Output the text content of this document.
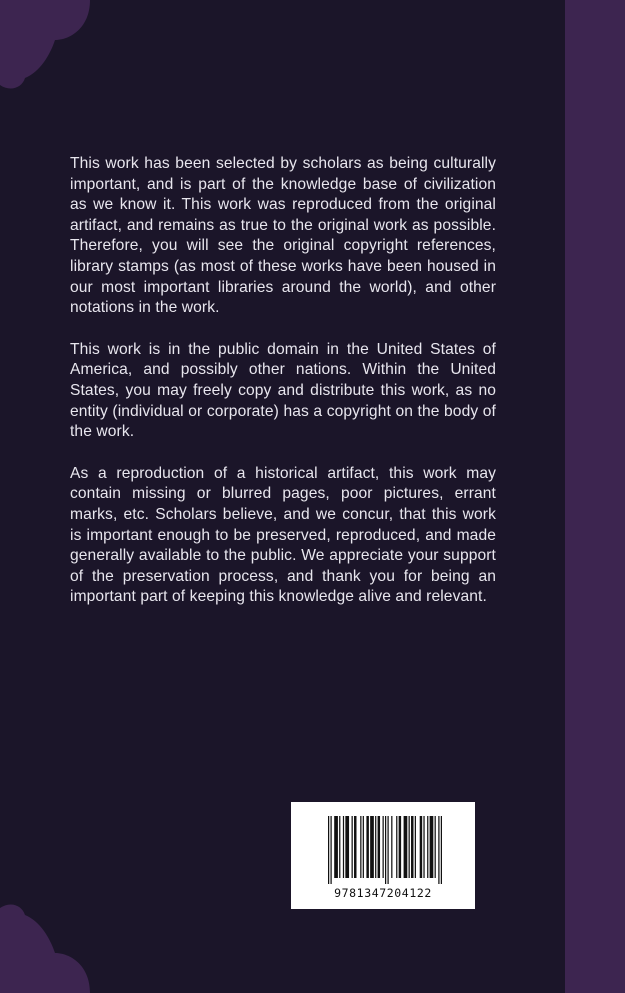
This work has been selected by scholars as being culturally important, and is part of the knowledge base of civilization as we know it. This work was reproduced from the original artifact, and remains as true to the original work as possible. Therefore, you will see the original copyright references, library stamps (as most of these works have been housed in our most important libraries around the world), and other notations in the work.

This work is in the public domain in the United States of America, and possibly other nations. Within the United States, you may freely copy and distribute this work, as no entity (individual or corporate) has a copyright on the body of the work.

As a reproduction of a historical artifact, this work may contain missing or blurred pages, poor pictures, errant marks, etc. Scholars believe, and we concur, that this work is important enough to be preserved, reproduced, and made generally available to the public. We appreciate your support of the preservation process, and thank you for being an important part of keeping this knowledge alive and relevant.

9781347204122
